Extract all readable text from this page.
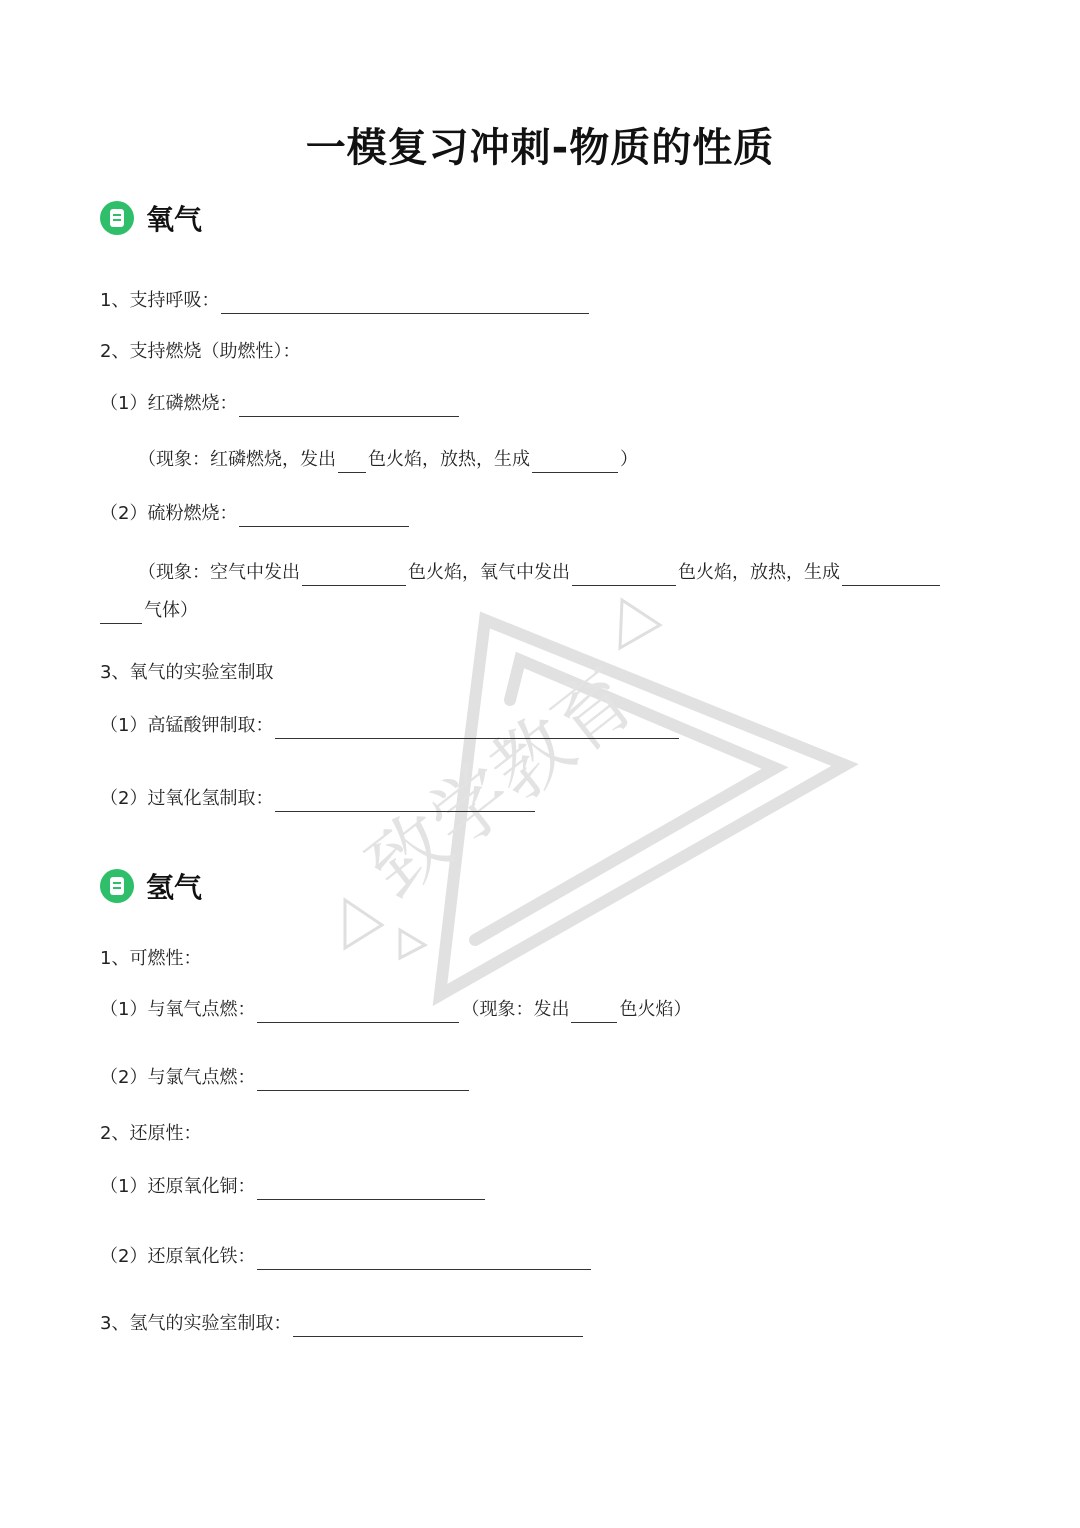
致学教育
一模复习冲刺-物质的性质
氧气
1、支持呼吸：
2、支持燃烧（助燃性）：
（1）红磷燃烧：
（现象：红磷燃烧，发出 色火焰，放热，生成	）
（2）硫粉燃烧：
（现象：空气中发出	色火焰，氧气中发出	色火焰，放热，生成
气体）
3、氧气的实验室制取
（1）高锰酸钾制取：
（2）过氧化氢制取：
氢气
1、可燃性：
（1）与氧气点燃：	（现象：发出	色火焰）
（2）与氯气点燃：
2、还原性：
（1）还原氧化铜：
（2）还原氧化铁：
3、氢气的实验室制取：
